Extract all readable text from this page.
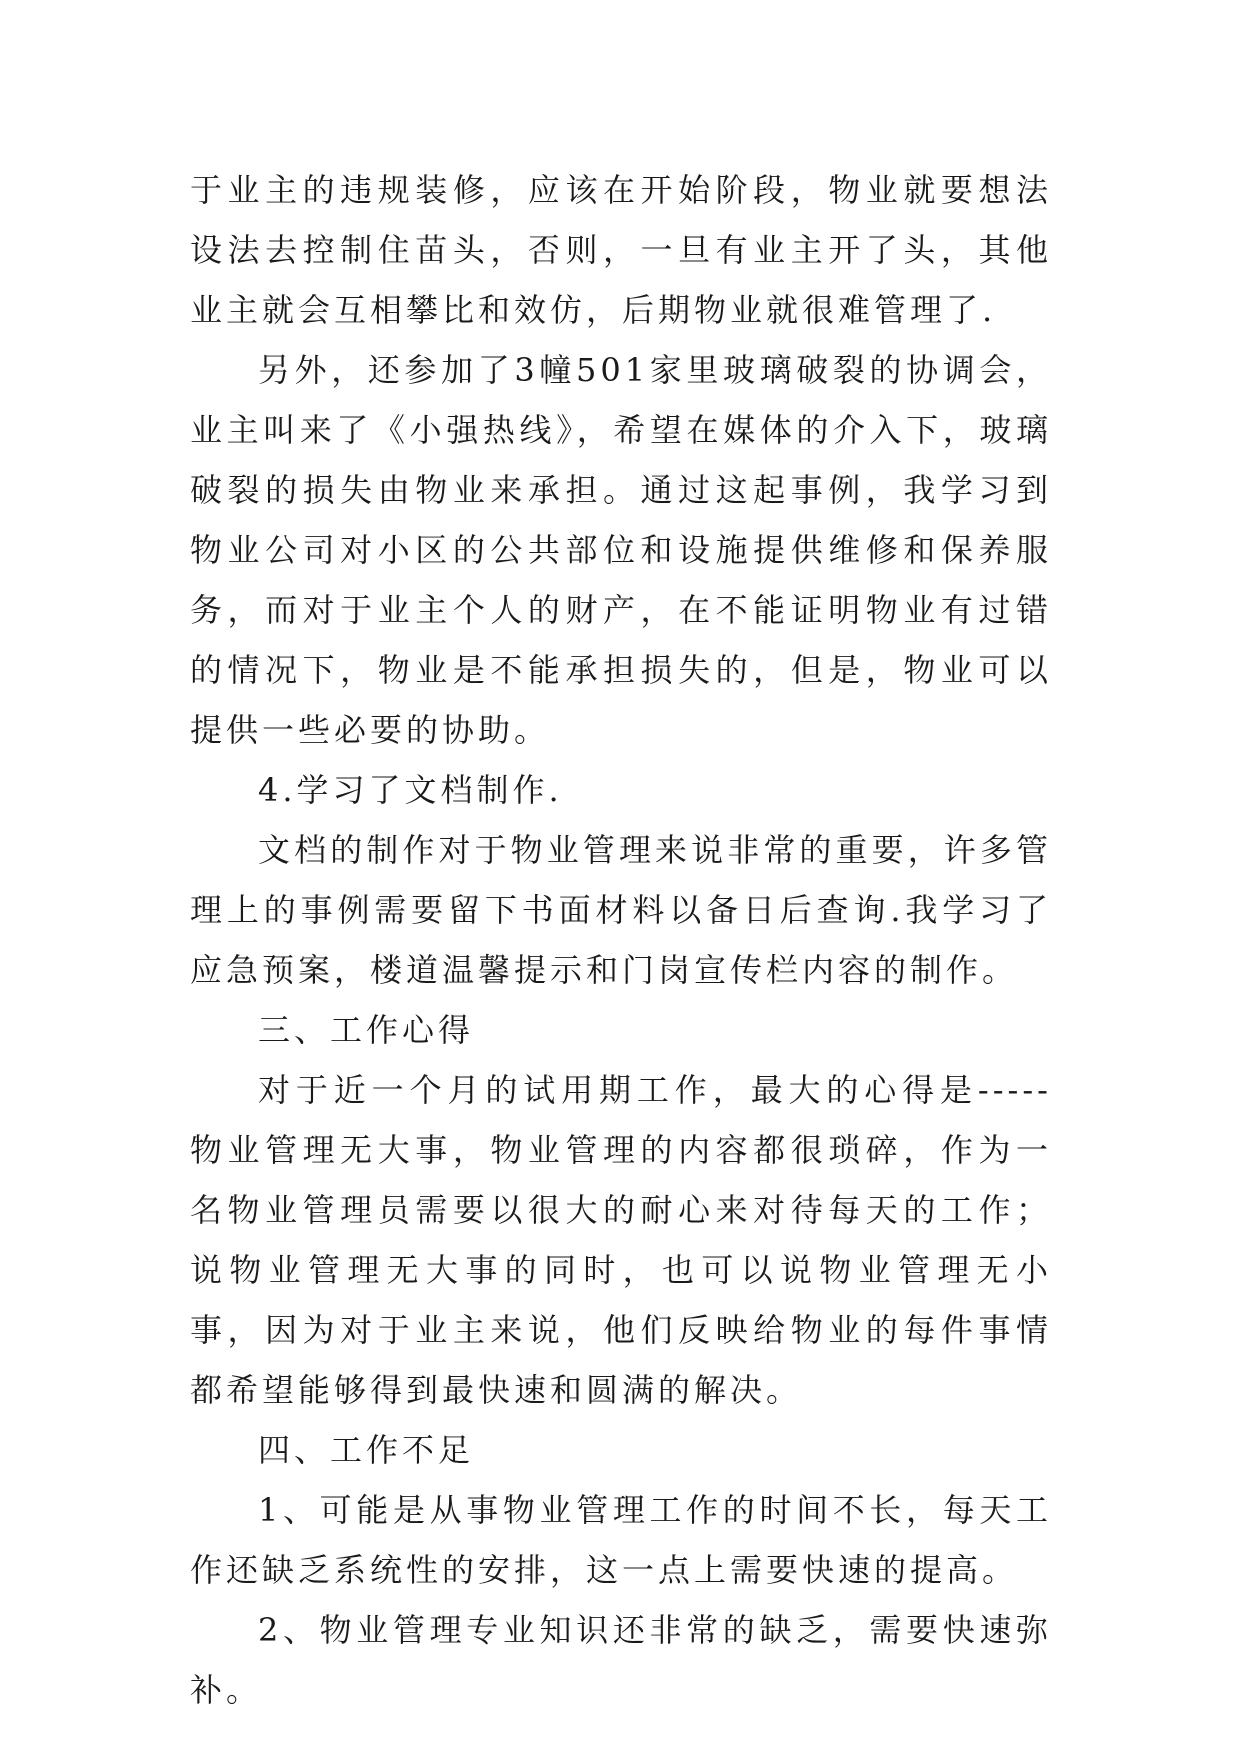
于业主的违规装修，应该在开始阶段，物业就要想法设法去控制住苗头，否则，一旦有业主开了头，其他业主就会互相攀比和效仿，后期物业就很难管理了.

另外，还参加了3幢501家里玻璃破裂的协调会，业主叫来了《小强热线》，希望在媒体的介入下，玻璃破裂的损失由物业来承担。通过这起事例，我学习到物业公司对小区的公共部位和设施提供维修和保养服务，而对于业主个人的财产，在不能证明物业有过错的情况下，物业是不能承担损失的，但是，物业可以提供一些必要的协助。

4.学习了文档制作.

文档的制作对于物业管理来说非常的重要，许多管理上的事例需要留下书面材料以备日后查询.我学习了应急预案，楼道温馨提示和门岗宣传栏内容的制作。

三、工作心得

对于近一个月的试用期工作，最大的心得是-----物业管理无大事，物业管理的内容都很琐碎，作为一名物业管理员需要以很大的耐心来对待每天的工作；说物业管理无大事的同时，也可以说物业管理无小事，因为对于业主来说，他们反映给物业的每件事情都希望能够得到最快速和圆满的解决。

四、工作不足

1、可能是从事物业管理工作的时间不长，每天工作还缺乏系统性的安排，这一点上需要快速的提高。

2、物业管理专业知识还非常的缺乏，需要快速弥补。
